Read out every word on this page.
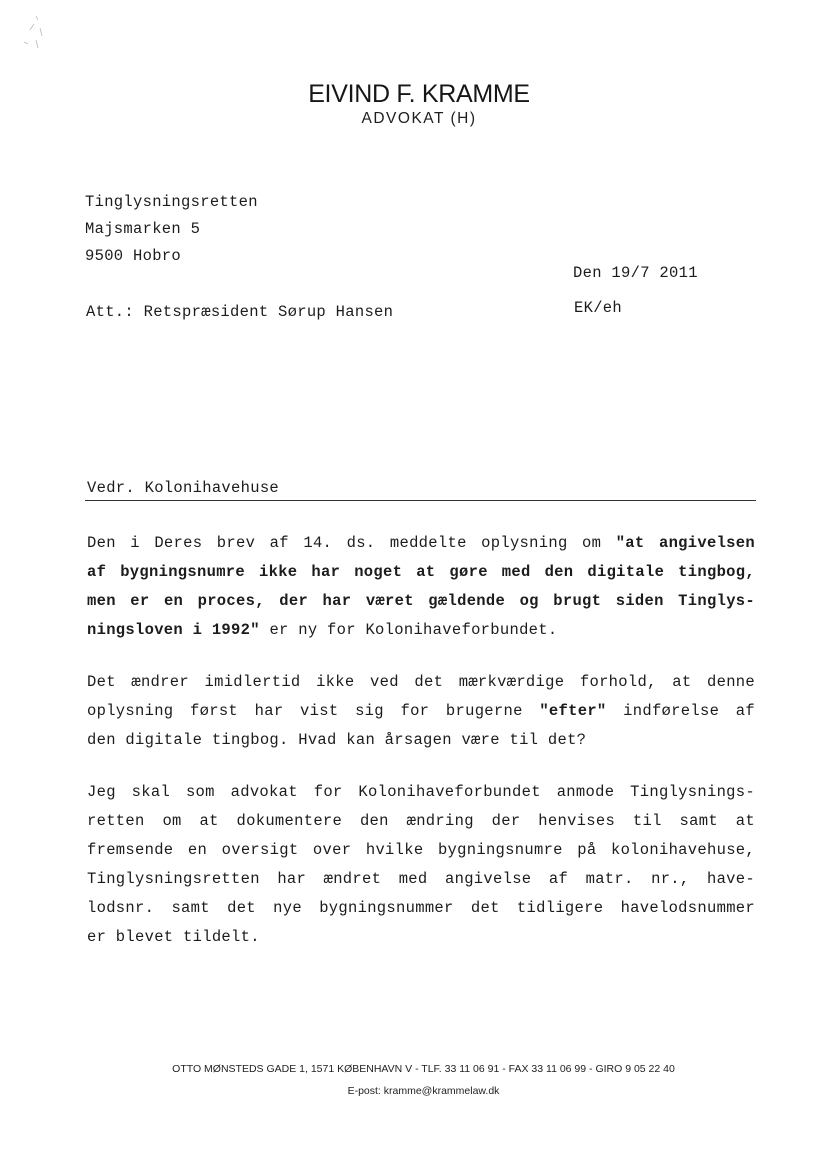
EIVIND F. KRAMME
ADVOKAT (H)
Tinglysningsretten
Majsmarken 5
9500 Hobro
Den 19/7 2011
EK/eh
Att.: Retspræsident Sørup Hansen
Vedr. Kolonihavehuse
Den i Deres brev af 14. ds. meddelte oplysning om "at angivelsen
af bygningsnumre ikke har noget at gøre med den digitale tingbog,
men er en proces, der har været gældende og brugt siden Tinglys-
ningsloven i 1992" er ny for Kolonihaveforbundet.
Det ændrer imidlertid ikke ved det mærkværdige forhold, at denne
oplysning først har vist sig for brugerne "efter" indførelse af
den digitale tingbog. Hvad kan årsagen være til det?
Jeg skal som advokat for Kolonihaveforbundet anmode Tinglysnings-
retten om at dokumentere den ændring der henvises til samt at
fremsende en oversigt over hvilke bygningsnumre på kolonihavehuse,
Tinglysningsretten har ændret med angivelse af matr. nr., have-
lodsnr. samt det nye bygningsnummer det tidligere havelodsnummer
er blevet tildelt.
OTTO MØNSTEDS GADE 1, 1571 KØBENHAVN V - TLF. 33 11 06 91 - FAX 33 11 06 99 - GIRO 9 05 22 40
E-post: kramme@krammelaw.dk
